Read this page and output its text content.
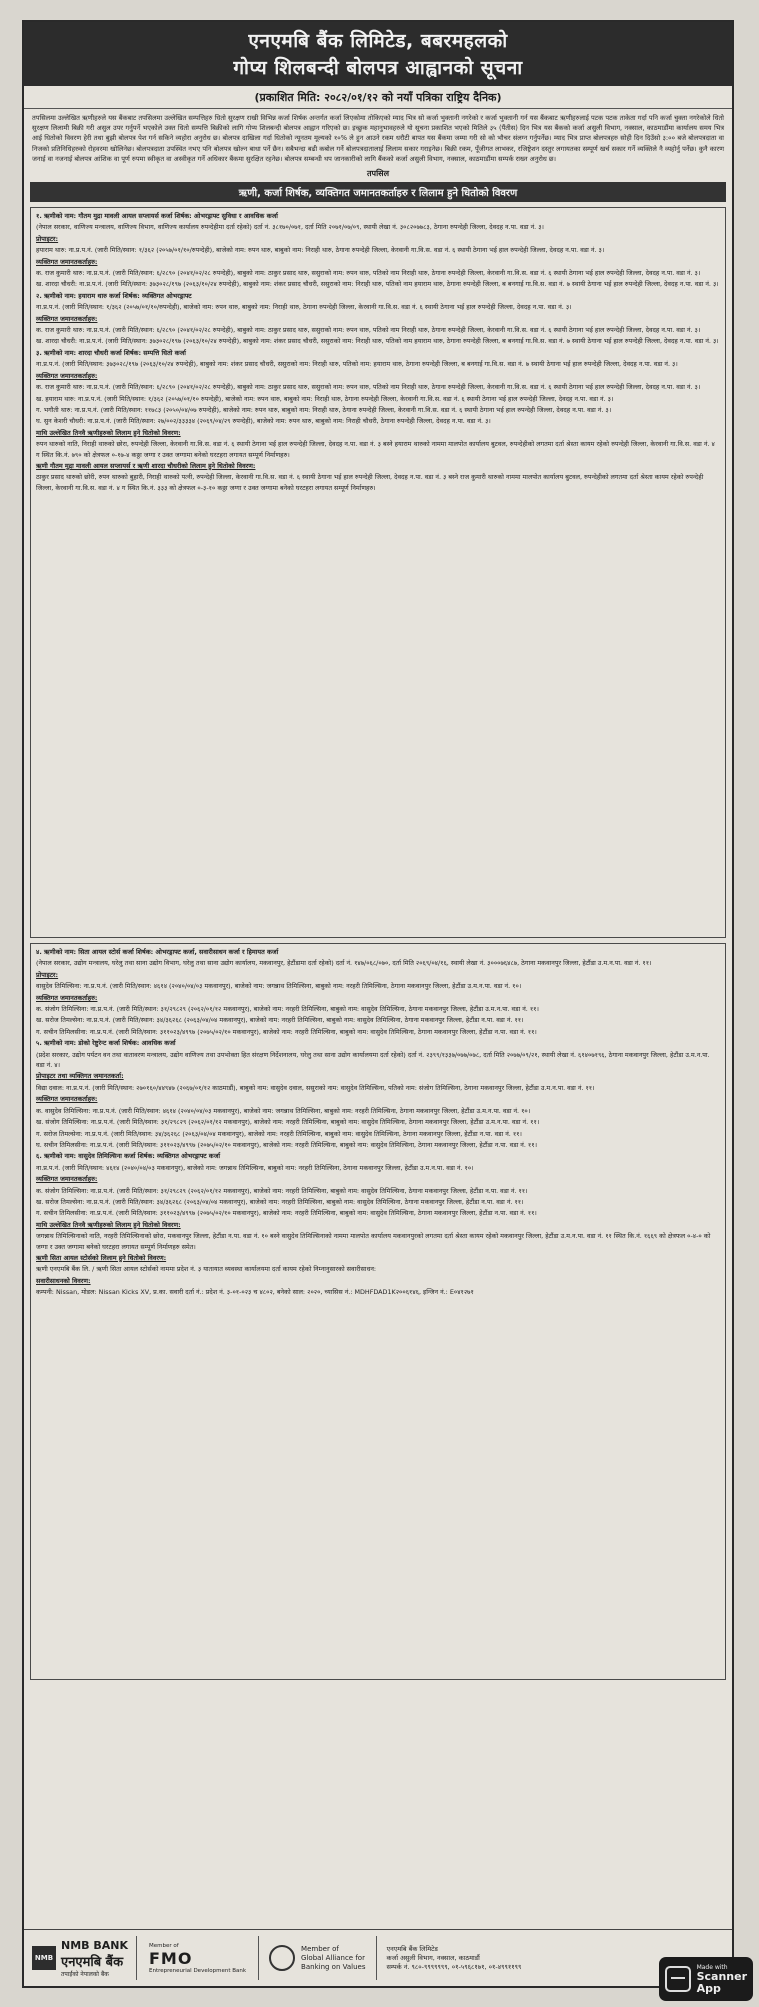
एनएमबि बैंक लिमिटेड, बबरमहलको
गोप्य शिलबन्दी बोलपत्र आह्वानको सूचना
(प्रकाशित मिति: २०८२/०१/१२ को नयाँ पत्रिका राष्ट्रिय दैनिक)
तपसिलमा उल्लेखित ऋणीहरुले यस बैंकबाट तपसिलमा उल्लेखित सम्पत्तिहरु धितो सुरक्षण राखी विभिन्न कर्जा शिर्षक अन्तर्गत कर्जा लिएकोमा तोकिएको म्याद भित्र सो कर्जा भुक्तानी नगरेको र कर्जा भुक्तानी गर्न यस बैंकबाट ऋणीहरुलाई पटक पटक ताकेता गर्दा पनि कर्जा चुक्ता नगरेकोले धितो सुरक्षण लिलामी बिक्री गरी असुल उपर गर्नुपर्ने भएकोले उक्त धितो सम्पत्ति बिक्रीको लागि गोप्य शिलबन्दी बोलपत्र आह्वान गरिएको छ। इच्छुक महानुभावहरुले यो सूचना प्रकाशित भएको मितिले ३५ (पैंतीस) दिन भित्र यस बैंकको कर्जा असुली विभाग, नक्साल, काठमाडौंमा कार्यालय समय भित्र आई धितोको विवरण हेरी तथा बुझी बोलपत्र पेश गर्न सकिने व्यहोरा अनुरोध छ। बोलपत्र दाखिला गर्दा धितोको न्यूनतम मूल्यको १०% ले हुन आउने रकम धरौटी बापत यस बैंकमा जम्मा गरी सो को भौचर संलग्न गर्नुपर्नेछ। म्याद भित्र प्राप्त बोलपत्रहरु सोही दिन दिउँसो ३:०० बजे बोलपत्रदाता वा निजको प्रतिनिधिहरुको रोहवरमा खोलिनेछ। बोलपत्रदाता उपस्थित नभए पनि बोलपत्र खोल्न बाधा पर्ने छैन। सबैभन्दा बढी कबोल गर्ने बोलपत्रदातालाई लिलाम सकार गराइनेछ। बिक्री रकम, पूँजीगत लाभकर, रजिष्ट्रेशन दस्तुर लगायतका सम्पूर्ण खर्च सकार गर्ने व्यक्तिले नै व्यहोर्नु पर्नेछ। कुनै कारण जनाई वा नजनाई बोलपत्र आंशिक वा पूर्ण रुपमा स्वीकृत वा अस्वीकृत गर्ने अधिकार बैंकमा सुरक्षित रहनेछ। बोलपत्र सम्बन्धी थप जानकारीको लागि बैंकको कर्जा असुली विभाग, नक्साल, काठमाडौंमा सम्पर्क राख्न अनुरोध छ।
तपसिल
ऋणी, कर्जा शिर्षक, व्यक्तिगत जमानतकर्ताहरु र लिलाम हुने धितोको विवरण
१. ऋणीको नाम: गौतम मुद्रा मावली आयल सप्लायर्स कर्जा शिर्षक: ओभरड्राफ्ट सुविधा र आवधिक कर्जा
(नेपाल सरकार, वाणिज्य मन्त्रालय, वाणिज्य विभाग, वाणिज्य कार्यालय रुपन्देहीमा दर्ता रहेको) दर्ता नं. ३८१७०/०७१, दर्ता मिति २०७१/०७/०९, स्थायी लेखा नं. ३०८२०७७८३, ठेगाना रुपन्देही जिल्ला, देवदह न.पा. वडा नं. ३।
प्रोपाइटर:
हयाराम थारु: ना.प्र.प.नं. (जारी मिति/स्थान: १/३६२ (२०५७/०१/१०/रुपन्देही), बाजेको नाम: रुपन थारु, बाबुको नाम: निराही थारु, ठेगाना रुपन्देही जिल्ला, केरवानी गा.वि.स. वडा नं. ६ स्थायी ठेगाना भई हाल रुपन्देही जिल्ला, देवदह न.पा. वडा नं. ३।
व्यक्तिगत जमानतकर्ताहरु:
क. राज कुमारी थारु: ना.प्र.प.नं. (जारी मिति/स्थान: ६/२८९० (२०४१/०२/२८ रुपन्देही), बाबुको नाम: ठाकुर प्रसाद थारु, ससुराको नाम: रुपन थारु, पतिको नाम निराही थारु, ठेगाना रुपन्देही जिल्ला, केरवानी गा.वि.स. वडा नं. ६ स्थायी ठेगाना भई हाल रुपन्देही जिल्ला, देवदह न.पा. वडा नं. ३।
ख. शारदा चौधरी: ना.प्र.प.नं. (जारी मिति/स्थान: ३७३०२८/१९७ (२०६३/१०/२४ रुपन्देही), बाबुको नाम: शंकर प्रसाद चौधरी, ससुराको नाम: निराही थारु, पतिको नाम हयाराम थारु, ठेगाना रुपन्देही जिल्ला, ब बनगाई गा.वि.स. वडा नं. ७ स्थायी ठेगाना भई हाल रुपन्देही जिल्ला, देवदह न.पा. वडा नं. ३।
२. ऋणीको नाम: हयाराम थारु कर्जा शिर्षक: व्यक्तिगत ओभरड्राफ्ट
ना.प्र.प.नं. (जारी मिति/स्थान: १/३६२ (२०५७/०१/१०/रुपन्देही), बाजेको नाम: रुपन थारु, बाबुको नाम: निराही थारु, ठेगाना रुपन्देही जिल्ला, केरवानी गा.वि.स. वडा नं. ६ स्थायी ठेगाना भई हाल रुपन्देही जिल्ला, देवदह न.पा. वडा नं. ३।
व्यक्तिगत जमानतकर्ताहरु:
क. राज कुमारी थारु: ना.प्र.प.नं. (जारी मिति/स्थान: ६/२८९० (२०४१/०२/२८ रुपन्देही), बाबुको नाम: ठाकुर प्रसाद थारु, ससुराको नाम: रुपन थारु, पतिको नाम निराही थारु, ठेगाना रुपन्देही जिल्ला, केरवानी गा.वि.स. वडा नं. ६ स्थायी ठेगाना भई हाल रुपन्देही जिल्ला, देवदह न.पा. वडा नं. ३।
ख. शारदा चौधरी: ना.प्र.प.नं. (जारी मिति/स्थान: ३७३०२८/१९७ (२०६३/१०/२४ रुपन्देही), बाबुको नाम: शंकर प्रसाद चौधरी, ससुराको नाम: निराही थारु, पतिको नाम हयाराम थारु, ठेगाना रुपन्देही जिल्ला, ब बनगाई गा.वि.स. वडा नं. ७ स्थायी ठेगाना भई हाल रुपन्देही जिल्ला, देवदह न.पा. वडा नं. ३।
३. ऋणीको नाम: शारदा चौधरी कर्जा शिर्षक: सम्पत्ति धितो कर्जा
ना.प्र.प.नं. (जारी मिति/स्थान: ३७३०२८/१९७ (२०६३/१०/२४ रुपन्देही), बाबुको नाम: शंकर प्रसाद चौधरी, ससुराको नाम: निराही थारु, पतिको नाम: हयाराम थारु, ठेगाना रुपन्देही जिल्ला, ब बनगाई गा.वि.स. वडा नं. ७ स्थायी ठेगाना भई हाल रुपन्देही जिल्ला, देवदह न.पा. वडा नं. ३।
व्यक्तिगत जमानतकर्ताहरु:
क. राज कुमारी थारु: ना.प्र.प.नं. (जारी मिति/स्थान: ६/२८९० (२०४१/०२/२८ रुपन्देही), बाबुको नाम: ठाकुर प्रसाद थारु, ससुराको नाम: रुपन थारु, पतिको नाम निराही थारु, ठेगाना रुपन्देही जिल्ला, केरवानी गा.वि.स. वडा नं. ६ स्थायी ठेगाना भई हाल रुपन्देही जिल्ला, देवदह न.पा. वडा नं. ३।
ख. हयाराम थारु: ना.प्र.प.नं. (जारी मिति/स्थान: १/३६२ (२०५७/०१/१० रुपन्देही), बाजेको नाम: रुपन थारु, बाबुको नाम: निराही थारु, ठेगाना रुपन्देही जिल्ला, केरवानी गा.वि.स. वडा नं. ६ स्थायी ठेगाना भई हाल रुपन्देही जिल्ला, देवदह न.पा. वडा नं. ३।
ग. भगौती थारु: ना.प्र.प.नं. (जारी मिति/स्थान: ११७८३ (२०५०/०४/०७ रुपन्देही), बाजेको नाम: रुपन थारु, बाबुको नाम: निराही थारु, ठेगाना रुपन्देही जिल्ला, केरवानी गा.वि.स. वडा नं. ६ स्थायी ठेगाना भई हाल रुपन्देही जिल्ला, देवदह न.पा. वडा नं. ३।
घ. सुन केशरी चौधरी: ना.प्र.प.नं. (जारी मिति/स्थान: २७/००२/३३३३४ (२०६९/०४/२९ रुपन्देही), बाजेको नाम: रुपन थारु, बाबुको नाम: निराही चौधरी, ठेगाना रुपन्देही जिल्ला, देवदह न.पा. वडा नं. ३।
माथि उल्लेखित तिनवै ऋणीहरुको लिलाम हुने धितोको विवरण:
रुपन थारुको नाति, निराही थारुको छोरा, रुपन्देही जिल्ला, केरवानी गा.वि.स. वडा नं. ६ स्थायी ठेगाना भई हाल रुपन्देही जिल्ला, देवदह न.पा. वडा नं. ३ बस्ने हयाराम थारुको नाममा मालपोत कार्यालय बुटवल, रुपन्देहीको लगतमा दर्ता श्रेस्ता कायम रहेको रुपन्देही जिल्ला, केरवानी गा.वि.स. वडा नं. ४ ग स्थित कि.नं. ७९० को क्षेत्रफल ०-१७-४ कठ्ठा जग्गा र उक्त जग्गामा बनेको घरटहरा लगायत सम्पूर्ण निर्माणहरु।
ऋणी गौतम मुद्रा मावली आयल सप्लायर्स र ऋणी शारदा चौधरीको लिलाम हुने धितोको विवरण:
ठाकुर प्रसाद थारुको छोरी, रुपन थारुको बुहारी, निराही थारुको पत्नी, रुपन्देही जिल्ला, केरवानी गा.वि.स. वडा नं. ६ स्थायी ठेगाना भई हाल रुपन्देही जिल्ला, देवदह न.पा. वडा नं. ३ बस्ने राज कुमारी थारुको नाममा मालपोत कार्यालय बुटवल, रुपन्देहीको लगतमा दर्ता श्रेस्ता कायम रहेको रुपन्देही जिल्ला, केरवानी गा.वि.स. वडा नं. ४ ग स्थित कि.नं. ३३३ को क्षेत्रफल ०-३-१० कठ्ठा जग्गा र उक्त जग्गामा बनेको घरटहरा लगायत सम्पूर्ण निर्माणहरु।
४. ऋणीको नाम: सिता आयल स्टोर्स कर्जा शिर्षक: ओभरड्राफ्ट कर्जा, सवारीसाधन कर्जा र हिमायत कर्जा
(नेपाल सरकार, उद्योग मन्त्रालय, घरेलु तथा साना उद्योग विभाग, घरेलु तथा साना उद्योग कार्यालय, मकवानपुर, हेटौंडामा दर्ता रहेको) दर्ता नं. १४७/०६८/०७०, दर्ता मिति २०६९/०४/१६, स्थायी लेखा नं. ३०००७६४८७, ठेगाना मकवानपुर जिल्ला, हेटौंडा उ.म.न.पा. वडा नं. ११।
प्रोपाइटर:
वासुदेव तिमिल्सिना: ना.प्र.प.नं. (जारी मिति/स्थान: ४६१४ (२०४०/०४/०३ मकवानपुर), बाजेको नाम: जगन्नाथ तिमिल्सिना, बाबुको नाम: नरहरी तिमिल्सिना, ठेगाना मकवानपुर जिल्ला, हेटौंडा उ.म.न.पा. वडा नं. १०।
व्यक्तिगत जमानतकर्ताहरु:
क. संजोग तिमिल्सिना: ना.प्र.प.नं. (जारी मिति/स्थान: ३१/२९८२९ (२०६२/०१/१२ मकवानपुर), बाजेको नाम: नरहरी तिमिल्सिना, बाबुको नाम: वासुदेव तिमिल्सिना, ठेगाना मकवानपुर जिल्ला, हेटौंडा उ.म.न.पा. वडा नं. ११।
ख. सरोज तिमल्सेना: ना.प्र.प.नं. (जारी मिति/स्थान: ३४/३६२६८ (२०६३/०४/०४ मकवानपुर), बाजेको नाम: नरहरी तिमिल्सिना, बाबुको नाम: वासुदेव तिमिल्सिना, ठेगाना मकवानपुर जिल्ला, हेटौंडा न.पा. वडा नं. ११।
ग. सचीन तिमिलसीना: ना.प्र.प.नं. (जारी मिति/स्थान: ३११०२३/४९९७ (२०७५/०२/१० मकवानपुर), बाजेको नाम: नरहरी तिमिल्सिना, बाबुको नाम: वासुदेव तिमिल्सिना, ठेगाना मकवानपुर जिल्ला, हेटौंडा न.पा. वडा नं. ११।
५. ऋणीको नाम: डोको रेष्टुरेन्ट कर्जा शिर्षक: आवधिक कर्जा
(प्रदेश सरकार, उद्योग पर्यटन वन तथा वातावरण मन्त्रालय, उद्योग वाणिज्य तथा उपभोक्ता हित संरक्षण निर्देशनालय, घरेलु तथा साना उद्योग कार्यालयमा दर्ता रहेको) दर्ता नं. २३९९/१३३७/०७७/०७८, दर्ता मिति २०७७/०९/२१, स्थायी लेखा नं. ६१४०७१९६, ठेगाना मकवानपुर जिल्ला, हेटौंडा उ.म.न.पा. वडा नं. ४।
प्रोपाइटर तथा व्यक्तिगत जमानतकर्ता:
विद्या दवाल: ना.प्र.प.नं. (जारी मिति/स्थान: २७०१६०/४४९४७ (२०६७/०१/१२ काठमाडौं), बाबुको नाम: वासुदेव दवाल, ससुराको नाम: वासुदेव तिमिल्सिना, पतिको नाम: संजोग तिमिल्सिना, ठेगाना मकवानपुर जिल्ला, हेटौंडा उ.म.न.पा. वडा नं. ११।
व्यक्तिगत जमानतकर्ताहरु:
क. वासुदेव तिमिल्सिना: ना.प्र.प.नं. (जारी मिति/स्थान: ४६१४ (२०४०/०४/०३ मकवानपुर), बाजेको नाम: जगन्नाथ तिमिल्सिना, बाबुको नाम: नरहरी तिमिल्सिना, ठेगाना मकवानपुर जिल्ला, हेटौंडा उ.म.न.पा. वडा नं. १०।
ख. संजोग तिमिल्सिना: ना.प्र.प.नं. (जारी मिति/स्थान: ३१/२९८२९ (२०६२/०१/१२ मकवानपुर), बाजेको नाम: नरहरी तिमिल्सिना, बाबुको नाम: वासुदेव तिमिल्सिना, ठेगाना मकवानपुर जिल्ला, हेटौंडा उ.म.न.पा. वडा नं. ११।
ग. सरोज तिमल्सेना: ना.प्र.प.नं. (जारी मिति/स्थान: ३४/३६२६८ (२०६३/०४/०४ मकवानपुर), बाजेको नाम: नरहरी तिमिल्सिना, बाबुको नाम: वासुदेव तिमिल्सिना, ठेगाना मकवानपुर जिल्ला, हेटौंडा न.पा. वडा नं. ११।
घ. सचीन तिमिलसीना: ना.प्र.प.नं. (जारी मिति/स्थान: ३११०२३/४९९७ (२०७५/०२/१० मकवानपुर), बाजेको नाम: नरहरी तिमिल्सिना, बाबुको नाम: वासुदेव तिमिल्सिना, ठेगाना मकवानपुर जिल्ला, हेटौंडा न.पा. वडा नं. ११।
६. ऋणीको नाम: वासुदेव तिमिल्सिना कर्जा शिर्षक: व्यक्तिगत ओभरड्राफ्ट कर्जा
ना.प्र.प.नं. (जारी मिति/स्थान: ४६१४ (२०४०/०४/०३ मकवानपुर), बाजेको नाम: जगन्नाथ तिमिल्सिना, बाबुको नाम: नरहरी तिमिल्सिना, ठेगाना मकवानपुर जिल्ला, हेटौंडा उ.म.न.पा. वडा नं. १०।
व्यक्तिगत जमानतकर्ताहरु:
क. संजोग तिमिल्सिना: ना.प्र.प.नं. (जारी मिति/स्थान: ३१/२९८२९ (२०६२/०१/१२ मकवानपुर), बाजेको नाम: नरहरी तिमिल्सिना, बाबुको नाम: वासुदेव तिमिल्सिना, ठेगाना मकवानपुर जिल्ला, हेटौंडा न.पा. वडा नं. ११।
ख. सरोज तिमल्सेना: ना.प्र.प.नं. (जारी मिति/स्थान: ३४/३६२६८ (२०६३/०४/०४ मकवानपुर), बाजेको नाम: नरहरी तिमिल्सिना, बाबुको नाम: वासुदेव तिमिल्सिना, ठेगाना मकवानपुर जिल्ला, हेटौंडा न.पा. वडा नं. ११।
ग. सचीन तिमिलसीना: ना.प्र.प.नं. (जारी मिति/स्थान: ३११०२३/४९९७ (२०७५/०२/१० मकवानपुर), बाजेको नाम: नरहरी तिमिल्सिना, बाबुको नाम: वासुदेव तिमिल्सिना, ठेगाना मकवानपुर जिल्ला, हेटौंडा न.पा. वडा नं. ११।
माथि उल्लेखित तिनवै ऋणीहरुको लिलाम हुने धितोको विवरण:
जगन्नाथ तिमिल्सिनाको नाति, नरहरी तिमिल्सिनाको छोरा, मकवानपुर जिल्ला, हेटौंडा न.पा. वडा नं. १० बस्ने वासुदेव तिमिल्सिनाको नाममा मालपोत कार्यालय मकवानपुरको लगतमा दर्ता श्रेस्ता कायम रहेको मकवानपुर जिल्ला, हेटौंडा उ.म.न.पा. वडा नं. ११ स्थित कि.नं. १६६९ को क्षेत्रफल ०-४-० को जग्गा र उक्त जग्गामा बनेको घरटहरा लगायत सम्पूर्ण निर्माणहरु समेत।
ऋणी सिता आयल स्टोर्सको लिलाम हुने धितोको विवरण:
ऋणी एनएमबि बैंक लि. / ऋणी सिता आयल स्टोर्सको नाममा प्रदेश नं. ३ यातायात व्यवस्था कार्यालयमा दर्ता कायम रहेको निम्नानुसारको सवारीसाधन:
सवारीसाधनको विवरण:
कम्पनी: Nissan, मोडल: Nissan Kicks XV, प्र.का. सवारी दर्ता नं.: प्रदेश नं. ३-०१-०२३ च ४८०२, बनेको साल: २०२०, च्यासिस नं.: MDHFDAD1K२००६१४६, इन्जिन नं.: E०४१२७१
NMB
NMB BANK
एनएमबि बैंक
तपाईंको नेपालको बैंक
Member of
FMO
Entrepreneurial Development Bank
Member of
Global Alliance for
Banking on Values
एनएमबि बैंक लिमिटेड
कर्जा असुली विभाग, नक्साल, काठमाडौं
सम्पर्क नं. ९८०-९९९९९९९, ०१-५९६८१७१, ०१-४९९११९९	Made with
Scanner
App
